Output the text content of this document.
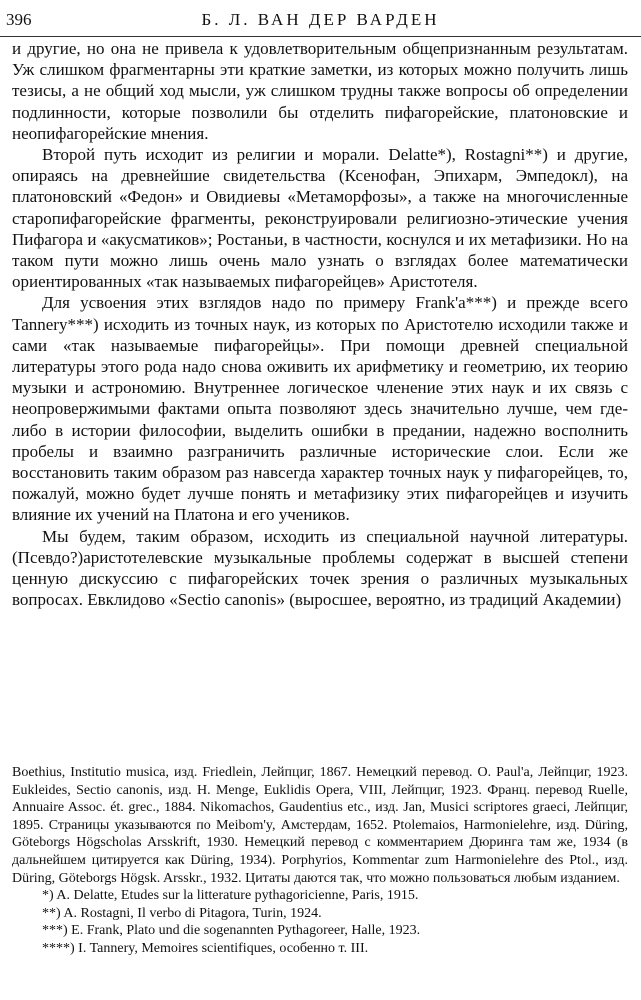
396	Б. Л. ВАН ДЕР ВАРДЕН

и другие, но она не привела к удовлетворительным общепризнанным результатам. Уж слишком фрагментарны эти краткие заметки, из которых можно получить лишь тезисы, а не общий ход мысли, уж слишком трудны также вопросы об определении подлинности, которые позволили бы отделить пифагорейские, платоновские и неопифагорейские мнения.

Второй путь исходит из религии и морали. Delatte*), Rostagni**) и другие, опираясь на древнейшие свидетельства (Ксенофан, Эпихарм, Эмпедокл), на платоновский «Федон» и Овидиевы «Метаморфозы», а также на многочисленные старопифагорейские фрагменты, реконструировали религиозно-этические учения Пифагора и «акусматиков»; Ростаньи, в частности, коснулся и их метафизики. Но на таком пути можно лишь очень мало узнать о взглядах более математически ориентированных «так называемых пифагорейцев» Аристотеля.

Для усвоения этих взглядов надо по примеру Frank'a***) и прежде всего Tannery***) исходить из точных наук, из которых по Аристотелю исходили также и сами «так называемые пифагорейцы». При помощи древней специальной литературы этого рода надо снова оживить их арифметику и геометрию, их теорию музыки и астрономию. Внутреннее логическое членение этих наук и их связь с неопровержимыми фактами опыта позволяют здесь значительно лучше, чем где-либо в истории философии, выделить ошибки в предании, надежно восполнить пробелы и взаимно разграничить различные исторические слои. Если же восстановить таким образом раз навсегда характер точных наук у пифагорейцев, то, пожалуй, можно будет лучше понять и метафизику этих пифагорейцев и изучить влияние их учений на Платона и его учеников.

Мы будем, таким образом, исходить из специальной научной литературы. (Псевдо?)аристотелевские музыкальные проблемы содержат в высшей степени ценную дискуссию с пифагорейских точек зрения о различных музыкальных вопросах. Евклидово «Sectio canonis» (выросшее, вероятно, из традиций Академии)

Boethius, Institutio musica, изд. Friedlein, Лейпциг, 1867. Немецкий перевод. O. Paul'a, Лейпциг, 1923. Eukleides, Sectio canonis, изд. H. Menge, Euklidis Opera, VIII, Лейпциг, 1923. Франц. перевод Ruelle, Annuaire Assoc. ét. grec., 1884. Nikomachos, Gaudentius etc., изд. Jan, Musici scriptores graeci, Лейпциг, 1895. Страницы указываются по Meibom'y, Амстердам, 1652. Ptolemaios, Harmonielehre, изд. Düring, Göteborgs Högscholas Arsskrift, 1930. Немецкий перевод с комментарием Дюринга там же, 1934 (в дальнейшем цитируется как Düring, 1934). Porphyrios, Kommentar zum Harmonielehre des Ptol., изд. Düring, Göteborgs Högsk. Arsskr., 1932. Цитаты даются так, что можно пользоваться любым изданием.

*) A. Delatte, Etudes sur la litterature pythagoricienne, Paris, 1915.

**) A. Rostagni, Il verbo di Pitagora, Turin, 1924.

***) E. Frank, Plato und die sogenannten Pythagoreer, Halle, 1923.

****) I. Tannery, Memoires scientifiques, особенно т. III.
